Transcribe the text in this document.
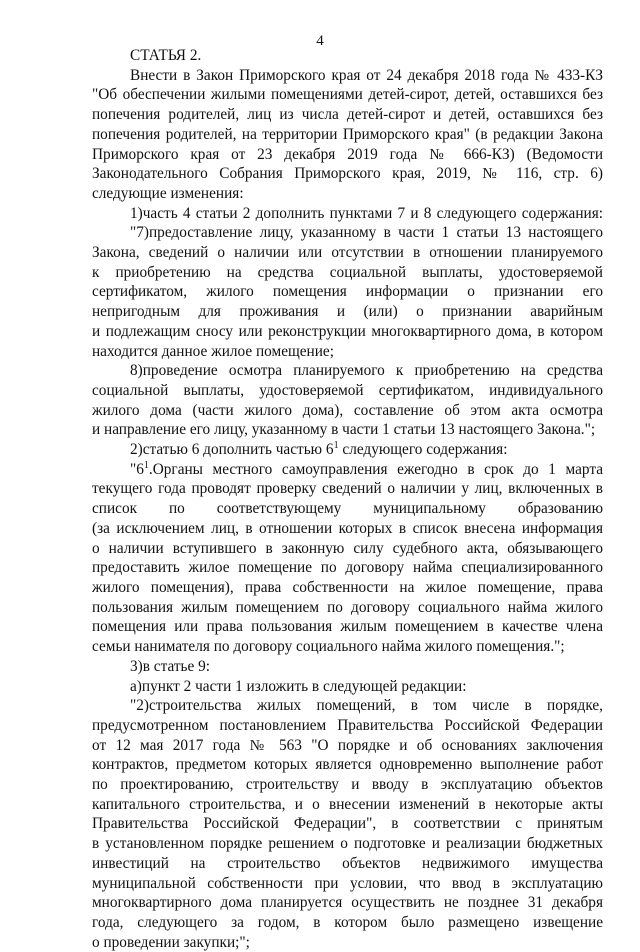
4
СТАТЬЯ 2.
Внести в Закон Приморского края от 24 декабря 2018 года № 433-КЗ
"Об обеспечении жилыми помещениями детей-сирот, детей, оставшихся без
попечения родителей, лиц из числа детей-сирот и детей, оставшихся без
попечения родителей, на территории Приморского края" (в редакции Закона
Приморского края от 23 декабря 2019 года № 666-КЗ) (Ведомости
Законодательного Собрания Приморского края, 2019, № 116, стр. 6)
следующие изменения:
1)часть 4 статьи 2 дополнить пунктами 7 и 8 следующего содержания:
"7)предоставление лицу, указанному в части 1 статьи 13 настоящего
Закона, сведений о наличии или отсутствии в отношении планируемого
к приобретению на средства социальной выплаты, удостоверяемой
сертификатом, жилого помещения информации о признании его
непригодным для проживания и (или) о признании аварийным
и подлежащим сносу или реконструкции многоквартирного дома, в котором
находится данное жилое помещение;
8)проведение осмотра планируемого к приобретению на средства
социальной выплаты, удостоверяемой сертификатом, индивидуального
жилого дома (части жилого дома), составление об этом акта осмотра
и направление его лицу, указанному в части 1 статьи 13 настоящего Закона.";
2)статью 6 дополнить частью $6^1$ следующего содержания:
"$6^1.Органы$ местного самоуправления ежегодно в срок до 1 марта
текущего года проводят проверку сведений о наличии у лиц, включенных в
список по соответствующему муниципальному образованию
(за исключением лиц, в отношении которых в список внесена информация
о наличии вступившего в законную силу судебного акта, обязывающего
предоставить жилое помещение по договору найма специализированного
жилого помещения), права собственности на жилое помещение, права
пользования жилым помещением по договору социального найма жилого
помещения или права пользования жилым помещением в качестве члена
семьи нанимателя по договору социального найма жилого помещения.";
3)в статье 9:
а)пункт 2 части 1 изложить в следующей редакции:
"2)строительства жилых помещений, в том числе в порядке,
предусмотренном постановлением Правительства Российской Федерации
от 12 мая 2017 года № 563 "О порядке и об основаниях заключения
контрактов, предметом которых является одновременно выполнение работ
по проектированию, строительству и вводу в эксплуатацию объектов
капитального строительства, и о внесении изменений в некоторые акты
Правительства Российской Федерации", в соответствии с принятым
в установленном порядке решением о подготовке и реализации бюджетных
инвестиций на строительство объектов недвижимого имущества
муниципальной собственности при условии, что ввод в эксплуатацию
многоквартирного дома планируется осуществить не позднее 31 декабря
года, следующего за годом, в котором было размещено извещение
о проведении закупки;";
